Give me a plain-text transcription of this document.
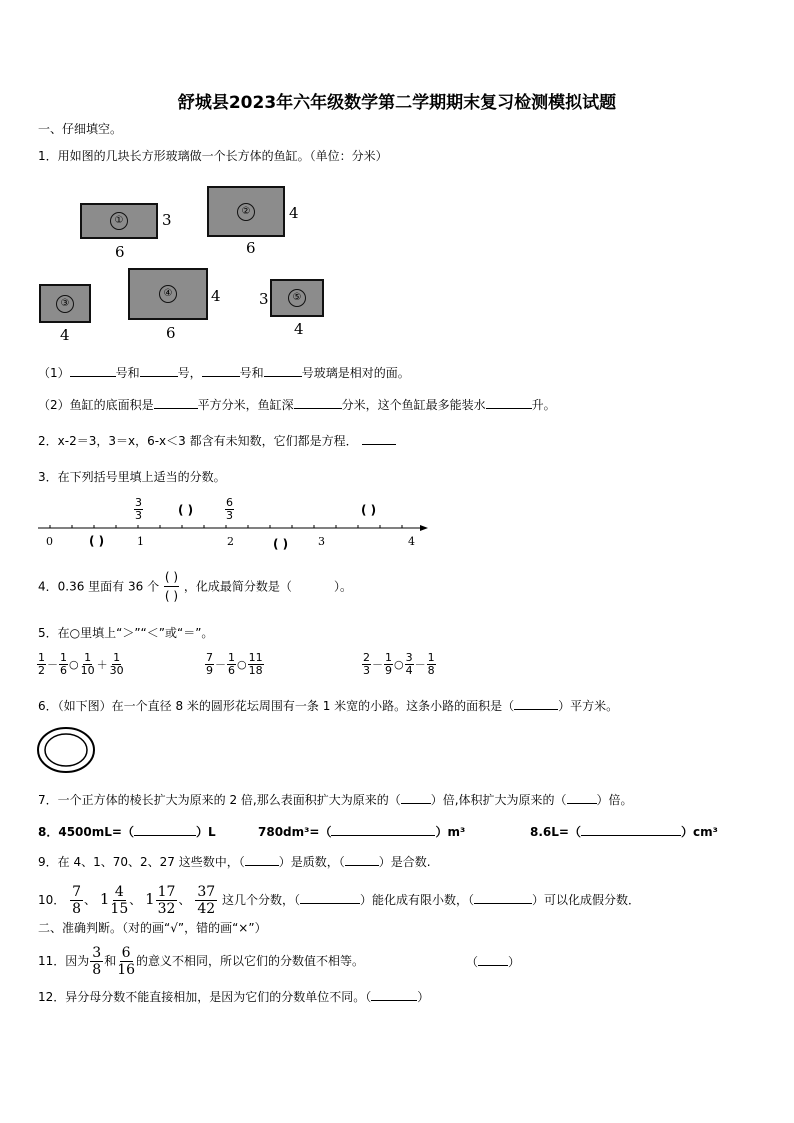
舒城县2023年六年级数学第二学期期末复习检测模拟试题
一、仔细填空。
1．用如图的几块长方形玻璃做一个长方体的鱼缸。（单位：分米）
①	3
6
②	4
6
③
4
④	4
6
⑤
3
4
（1）	号和	号，	号和	号玻璃是相对的面。
（2）鱼缸的底面积是	平方分米，鱼缸深	分米，这个鱼缸最多能装水	升。
2．x-2＝3，3＝x，6-x＜3 都含有未知数，它们都是方程．
3．在下列括号里填上适当的分数。
0	1	2	3	4
$\frac{3}{3}$	$\frac{6}{3}$
( )	( )
( )	( )
4．0.36 里面有 36 个 $\frac{( )}{( )}$ ，化成最简分数是（	）。
5．在○里填上“＞”“＜”或“＝”。
$\frac{1}{2} - \frac{1}{6}$ ○ $\frac{1}{10} + \frac{1}{30}$	$\frac{7}{9} - \frac{1}{6}$ ○ $\frac{11}{18}$	$\frac{2}{3} - \frac{1}{9}$ ○ $\frac{3}{4} - \frac{1}{8}$
6．（如下图）在一个直径 8 米的圆形花坛周围有一条 1 米宽的小路。这条小路的面积是（	）平方米。
7．一个正方体的棱长扩大为原来的 2 倍,那么表面积扩大为原来的（	）倍,体积扩大为原来的（	）倍。
8．4500mL=（	）L	780dm³=（	）m³	8.6L=（	）cm³
9．在 4、1、70、2、27 这些数中，（	）是质数，（	）是合数.
10． $\frac{7}{8}$ 、 $1 \frac{4}{15}$ 、 $1 \frac{17}{32}$ 、 $\frac{37}{42}$ 这几个分数，（	）能化成有限小数，（	）可以化成假分数．
二、准确判断。（对的画“√”，错的画“×”）
11．因为 $\frac{3}{8}$ 和 $\frac{6}{16}$ 的意义不相同，所以它们的分数值不相等。	（	）
12．异分母分数不能直接相加，是因为它们的分数单位不同。（	）
